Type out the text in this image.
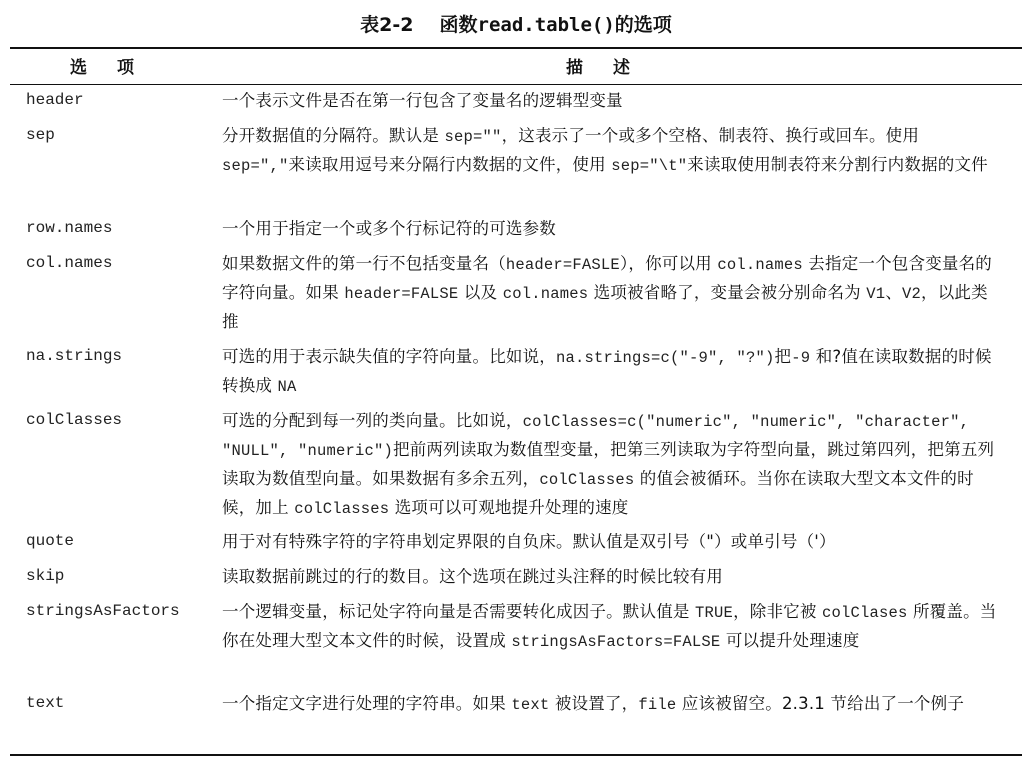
表2-2 函数read.table()的选项
选项	描述
header	一个表示文件是否在第一行包含了变量名的逻辑型变量
sep	分开数据值的分隔符。默认是 sep=""，这表示了一个或多个空格、制表符、换行或回车。使用 sep=","来读取用逗号来分隔行内数据的文件，使用 sep="\t"来读取使用制表符来分割行内数据的文件
row.names	一个用于指定一个或多个行标记符的可选参数
col.names	如果数据文件的第一行不包括变量名（header=FASLE），你可以用 col.names 去指定一个包含变量名的字符向量。如果 header=FALSE 以及 col.names 选项被省略了，变量会被分别命名为 V1、V2，以此类推
na.strings	可选的用于表示缺失值的字符向量。比如说，na.strings=c("-9", "?")把-9 和?值在读取数据的时候转换成 NA
colClasses	可选的分配到每一列的类向量。比如说，colClasses=c("numeric", "numeric", "character", "NULL", "numeric")把前两列读取为数值型变量，把第三列读取为字符型向量，跳过第四列，把第五列读取为数值型向量。如果数据有多余五列，colClasses 的值会被循环。当你在读取大型文本文件的时候，加上 colClasses 选项可以可观地提升处理的速度
quote	用于对有特殊字符的字符串划定界限的自负床。默认值是双引号（"）或单引号（'）
skip	读取数据前跳过的行的数目。这个选项在跳过头注释的时候比较有用
stringsAsFactors	一个逻辑变量，标记处字符向量是否需要转化成因子。默认值是 TRUE，除非它被 colClases 所覆盖。当你在处理大型文本文件的时候，设置成 stringsAsFactors=FALSE 可以提升处理速度
text	一个指定文字进行处理的字符串。如果 text 被设置了，file 应该被留空。2.3.1 节给出了一个例子
